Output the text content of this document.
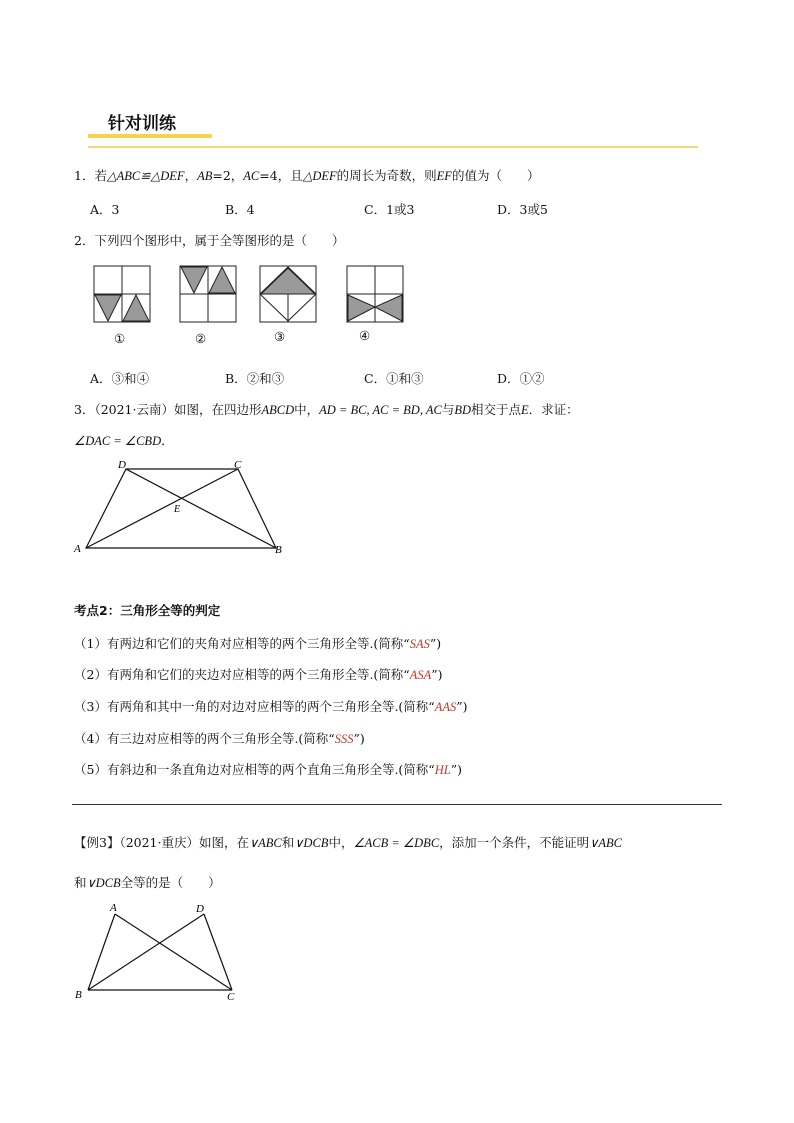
针对训练
1．若△ABC≌△DEF，AB=2，AC=4，且△DEF的周长为奇数，则EF的值为（　　）
A．3	B．4	C．1或3	D．3或5
2．下列四个图形中，属于全等图形的是（　　）
①	②	③	④
A．③和④	B．②和③	C．①和③	D．①②
3．（2021·云南）如图，在四边形ABCD中，AD = BC, AC = BD, AC与BD相交于点E．求证：
∠DAC = ∠CBD．
D	C
E
A	B
考点2：三角形全等的判定
（1）有两边和它们的夹角对应相等的两个三角形全等.(简称“SAS”)
（2）有两角和它们的夹边对应相等的两个三角形全等.(简称“ASA”)
（3）有两角和其中一角的对边对应相等的两个三角形全等.(简称“AAS”)
（4）有三边对应相等的两个三角形全等.(简称“SSS”)
（5）有斜边和一条直角边对应相等的两个直角三角形全等.(简称“HL”)
【例3】（2021·重庆）如图，在∨ABC和∨DCB中，∠ACB = ∠DBC，添加一个条件，不能证明∨ABC
和∨DCB全等的是（　　）
A	D
B	C
